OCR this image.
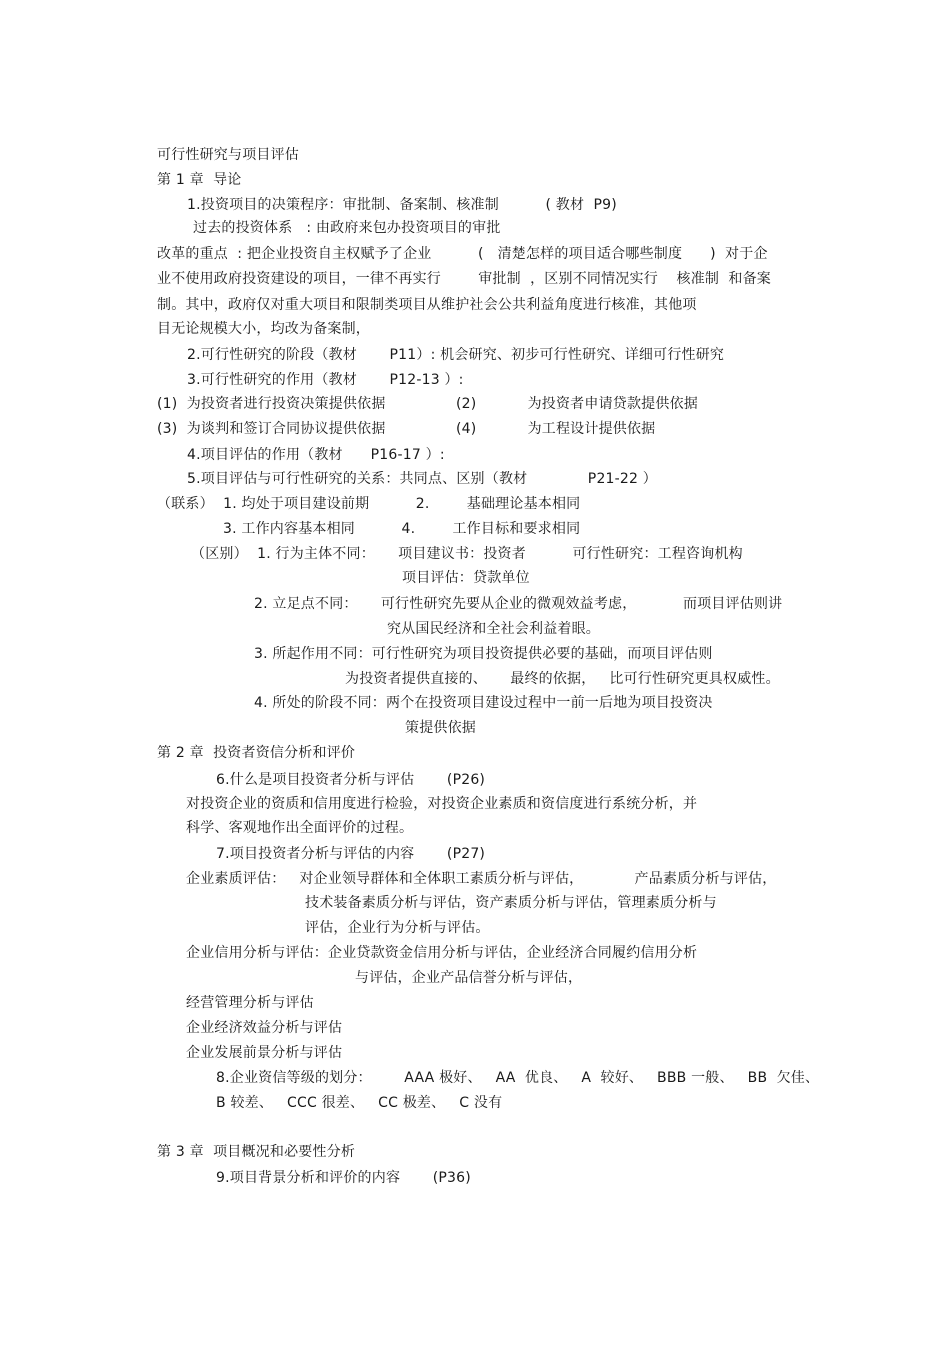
可行性研究与项目评估
第 1 章  导论
1.投资项目的决策程序：审批制、备案制、核准制          ( 教材  P9)
过去的投资体系   : 由政府来包办投资项目的审批
改革的重点  : 把企业投资自主权赋予了企业          (   清楚怎样的项目适合哪些制度      )  对于企
业不使用政府投资建设的项目，一律不再实行        审批制  ，区别不同情况实行    核准制  和备案
制。其中，政府仅对重大项目和限制类项目从维护社会公共利益角度进行核准，其他项
目无论规模大小，均改为备案制，
2.可行性研究的阶段（教材       P11）: 机会研究、初步可行性研究、详细可行性研究
3.可行性研究的作用（教材       P12-13 ）:
(1)  为投资者进行投资决策提供依据	(2)           为投资者申请贷款提供依据
(3)  为谈判和签订合同协议提供依据	(4)           为工程设计提供依据
4.项目评估的作用（教材      P16-17 ）:
5.项目评估与可行性研究的关系：共同点、区别（教材             P21-22 ）
（联系）  1. 均处于项目建设前期          2.        基础理论基本相同
3. 工作内容基本相同          4.        工作目标和要求相同
（区别）  1. 行为主体不同：     项目建议书：投资者          可行性研究：工程咨询机构
项目评估：贷款单位
2. 立足点不同：     可行性研究先要从企业的微观效益考虑，          而项目评估则讲
究从国民经济和全社会利益着眼。
3. 所起作用不同：可行性研究为项目投资提供必要的基础，而项目评估则
为投资者提供直接的、     最终的依据，   比可行性研究更具权威性。
4. 所处的阶段不同：两个在投资项目建设过程中一前一后地为项目投资决
策提供依据
第 2 章  投资者资信分析和评价
6.什么是项目投资者分析与评估       (P26)
对投资企业的资质和信用度进行检验，对投资企业素质和资信度进行系统分析，并
科学、客观地作出全面评价的过程。
7.项目投资者分析与评估的内容       (P27)
企业素质评估：   对企业领导群体和全体职工素质分析与评估，           产品素质分析与评估，
技术装备素质分析与评估，资产素质分析与评估，管理素质分析与
评估，企业行为分析与评估。
企业信用分析与评估：企业贷款资金信用分析与评估，企业经济合同履约信用分析
与评估，企业产品信誉分析与评估，
经营管理分析与评估
企业经济效益分析与评估
企业发展前景分析与评估
8.企业资信等级的划分：       AAA 极好、   AA  优良、   A  较好、   BBB 一般、   BB  欠佳、
B 较差、   CCC 很差、   CC 极差、   C 没有
第 3 章  项目概况和必要性分析
9.项目背景分析和评价的内容       (P36)
